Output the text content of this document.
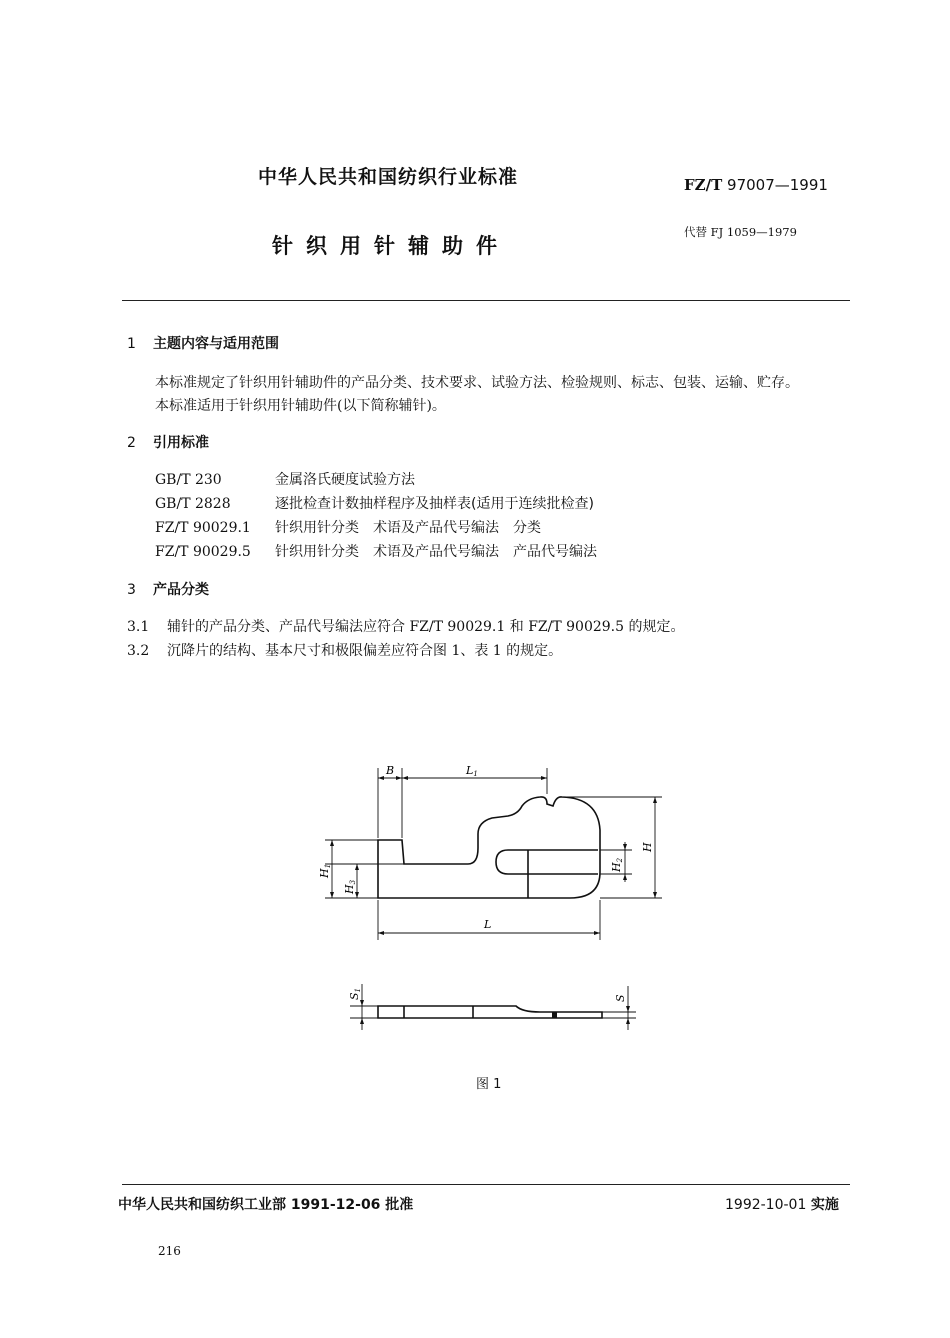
中华人民共和国纺织行业标准	FZ/T 97007—1991
针织用针辅助件
代替 FJ 1059—1979
1 主题内容与适用范围
本标准规定了针织用针辅助件的产品分类、技术要求、试验方法、检验规则、标志、包装、运输、贮存。
本标准适用于针织用针辅助件(以下简称辅针)。
2 引用标准
GB/T 230	金属洛氏硬度试验方法
GB/T 2828	逐批检查计数抽样程序及抽样表(适用于连续批检查)
FZ/T 90029.1 针织用针分类　术语及产品代号编法　分类
FZ/T 90029.5 针织用针分类　术语及产品代号编法　产品代号编法
3 产品分类
3.1 辅针的产品分类、产品代号编法应符合 FZ/T 90029.1 和 FZ/T 90029.5 的规定。
3.2 沉降片的结构、基本尺寸和极限偏差应符合图 1、表 1 的规定。
B	L1
L
H
H2
H1
H3
S1
S
图 1
中华人民共和国纺织工业部 1991-12-06 批准	1992-10-01 实施
216
